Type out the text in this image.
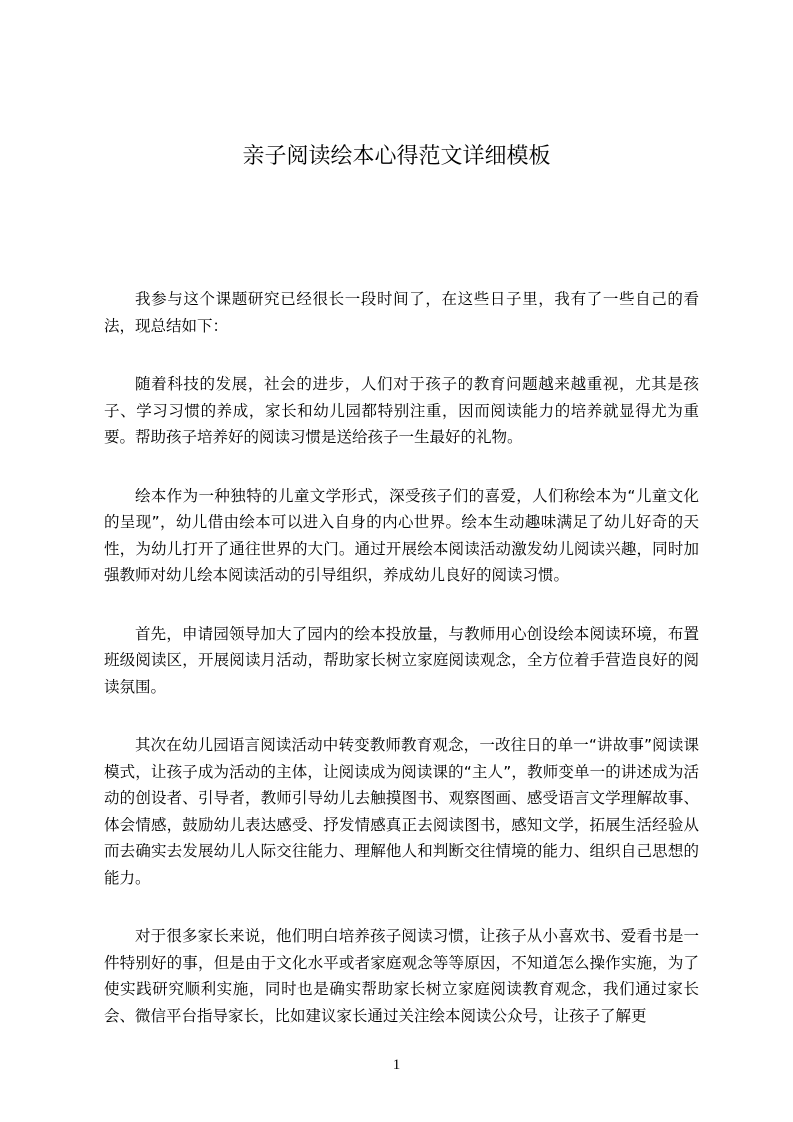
亲子阅读绘本心得范文详细模板

我参与这个课题研究已经很长一段时间了，在这些日子里，我有了一些自己的看法，现总结如下：

随着科技的发展，社会的进步，人们对于孩子的教育问题越来越重视，尤其是孩子、学习习惯的养成，家长和幼儿园都特别注重，因而阅读能力的培养就显得尤为重要。帮助孩子培养好的阅读习惯是送给孩子一生最好的礼物。

绘本作为一种独特的儿童文学形式，深受孩子们的喜爱，人们称绘本为“儿童文化的呈现”，幼儿借由绘本可以进入自身的内心世界。绘本生动趣味满足了幼儿好奇的天性，为幼儿打开了通往世界的大门。通过开展绘本阅读活动激发幼儿阅读兴趣，同时加强教师对幼儿绘本阅读活动的引导组织，养成幼儿良好的阅读习惯。

首先，申请园领导加大了园内的绘本投放量，与教师用心创设绘本阅读环境，布置班级阅读区，开展阅读月活动，帮助家长树立家庭阅读观念，全方位着手营造良好的阅读氛围。

其次在幼儿园语言阅读活动中转变教师教育观念，一改往日的单一“讲故事”阅读课模式，让孩子成为活动的主体，让阅读成为阅读课的“主人”，教师变单一的讲述成为活动的创设者、引导者，教师引导幼儿去触摸图书、观察图画、感受语言文学理解故事、体会情感，鼓励幼儿表达感受、抒发情感真正去阅读图书，感知文学，拓展生活经验从而去确实去发展幼儿人际交往能力、理解他人和判断交往情境的能力、组织自己思想的能力。

对于很多家长来说，他们明白培养孩子阅读习惯，让孩子从小喜欢书、爱看书是一件特别好的事，但是由于文化水平或者家庭观念等等原因，不知道怎么操作实施，为了使实践研究顺利实施，同时也是确实帮助家长树立家庭阅读教育观念，我们通过家长会、微信平台指导家长，比如建议家长通过关注绘本阅读公众号，让孩子了解更

1
